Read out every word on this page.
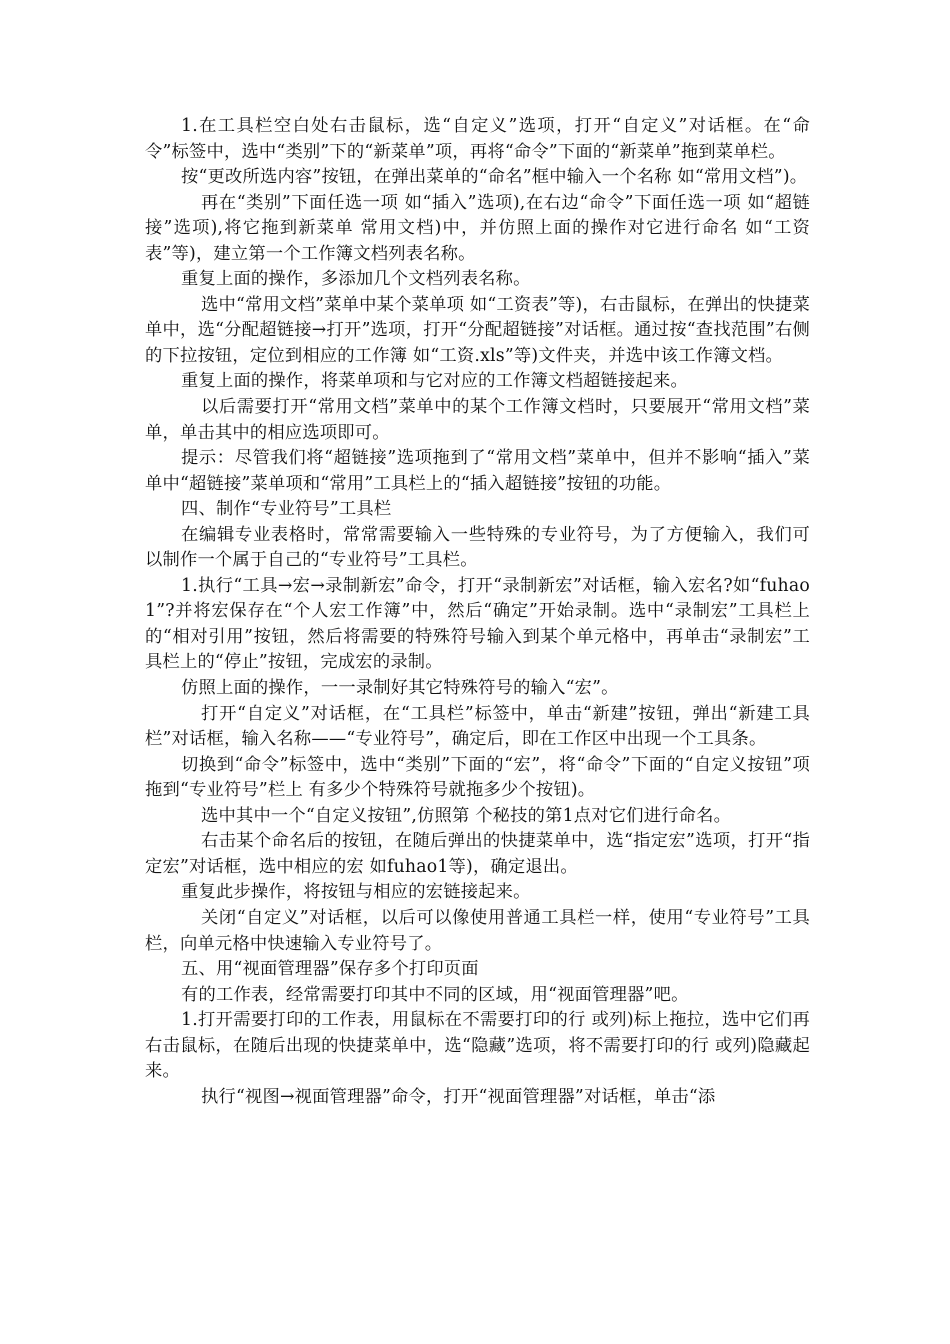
1.在工具栏空白处右击鼠标，选“自定义”选项，打开“自定义”对话框。在“命令”标签中，选中“类别”下的“新菜单”项，再将“命令”下面的“新菜单”拖到菜单栏。

按“更改所选内容”按钮，在弹出菜单的“命名”框中输入一个名称 如“常用文档”)。

再在“类别”下面任选一项 如“插入”选项),在右边“命令”下面任选一项 如“超链接”选项),将它拖到新菜单 常用文档)中，并仿照上面的操作对它进行命名 如“工资表”等)，建立第一个工作簿文档列表名称。

重复上面的操作，多添加几个文档列表名称。

选中“常用文档”菜单中某个菜单项 如“工资表”等)，右击鼠标，在弹出的快捷菜单中，选“分配超链接→打开”选项，打开“分配超链接”对话框。通过按“查找范围”右侧的下拉按钮，定位到相应的工作簿 如“工资.xls”等)文件夹，并选中该工作簿文档。

重复上面的操作，将菜单项和与它对应的工作簿文档超链接起来。

以后需要打开“常用文档”菜单中的某个工作簿文档时，只要展开“常用文档”菜单，单击其中的相应选项即可。

提示：尽管我们将“超链接”选项拖到了“常用文档”菜单中，但并不影响“插入”菜单中“超链接”菜单项和“常用”工具栏上的“插入超链接”按钮的功能。

四、制作“专业符号”工具栏

在编辑专业表格时，常常需要输入一些特殊的专业符号，为了方便输入，我们可以制作一个属于自己的“专业符号”工具栏。

1.执行“工具→宏→录制新宏”命令，打开“录制新宏”对话框，输入宏名?如“fuhao1”?并将宏保存在“个人宏工作簿”中，然后“确定”开始录制。选中“录制宏”工具栏上的“相对引用”按钮，然后将需要的特殊符号输入到某个单元格中，再单击“录制宏”工具栏上的“停止”按钮，完成宏的录制。

仿照上面的操作，一一录制好其它特殊符号的输入“宏”。

打开“自定义”对话框，在“工具栏”标签中，单击“新建”按钮，弹出“新建工具栏”对话框，输入名称——“专业符号”，确定后，即在工作区中出现一个工具条。

切换到“命令”标签中，选中“类别”下面的“宏”，将“命令”下面的“自定义按钮”项拖到“专业符号”栏上 有多少个特殊符号就拖多少个按钮)。

选中其中一个“自定义按钮”,仿照第 个秘技的第1点对它们进行命名。

右击某个命名后的按钮，在随后弹出的快捷菜单中，选“指定宏”选项，打开“指定宏”对话框，选中相应的宏 如fuhao1等)，确定退出。

重复此步操作，将按钮与相应的宏链接起来。

关闭“自定义”对话框，以后可以像使用普通工具栏一样，使用“专业符号”工具栏，向单元格中快速输入专业符号了。

五、用“视面管理器”保存多个打印页面

有的工作表，经常需要打印其中不同的区域，用“视面管理器”吧。

1.打开需要打印的工作表，用鼠标在不需要打印的行 或列)标上拖拉，选中它们再右击鼠标，在随后出现的快捷菜单中，选“隐藏”选项，将不需要打印的行 或列)隐藏起来。

执行“视图→视面管理器”命令，打开“视面管理器”对话框，单击“添
